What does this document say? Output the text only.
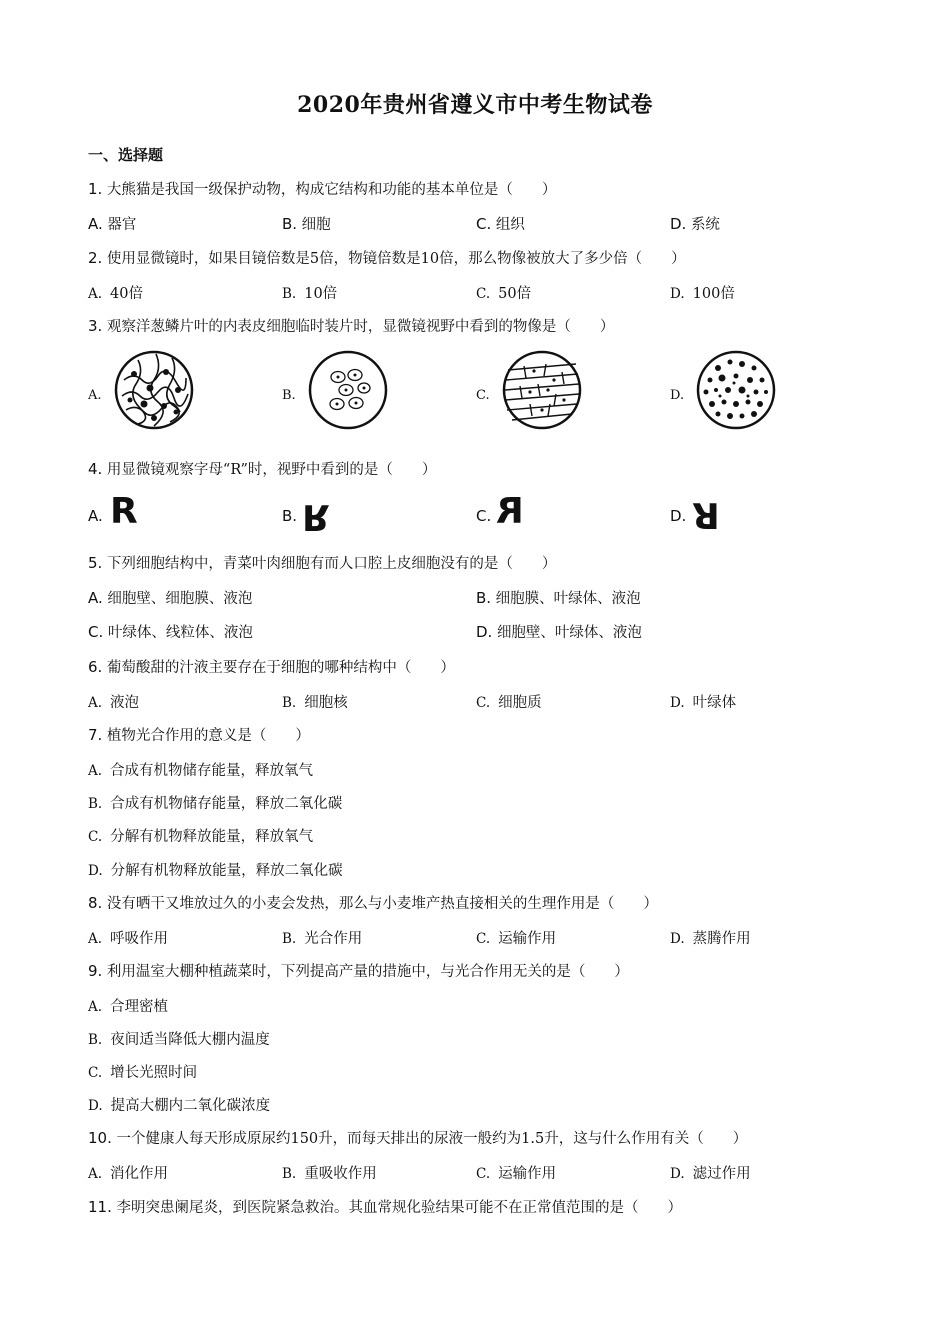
2020年贵州省遵义市中考生物试卷
一、选择题
1. 大熊猫是我国一级保护动物，构成它结构和功能的基本单位是（　　）
A. 器官	B. 细胞	C. 组织	D. 系统
2. 使用显微镜时，如果目镜倍数是5倍，物镜倍数是10倍，那么物像被放大了多少倍（　　）
A. 40倍	B. 10倍	C. 50倍	D. 100倍
3. 观察洋葱鳞片叶的内表皮细胞临时装片时，显微镜视野中看到的物像是（　　）
A.	B.	C.	D.
4. 用显微镜观察字母“R”时，视野中看到的是（　　）
A. R	B. R	C. R	D. R
5. 下列细胞结构中，青菜叶肉细胞有而人口腔上皮细胞没有的是（　　）
A. 细胞壁、细胞膜、液泡	B. 细胞膜、叶绿体、液泡
C. 叶绿体、线粒体、液泡	D. 细胞壁、叶绿体、液泡
6. 葡萄酸甜的汁液主要存在于细胞的哪种结构中（　　）
A. 液泡	B. 细胞核	C. 细胞质	D. 叶绿体
7. 植物光合作用的意义是（　　）
A. 合成有机物储存能量，释放氧气
B. 合成有机物储存能量，释放二氧化碳
C. 分解有机物释放能量，释放氧气
D. 分解有机物释放能量，释放二氧化碳
8. 没有晒干又堆放过久的小麦会发热，那么与小麦堆产热直接相关的生理作用是（　　）
A. 呼吸作用	B. 光合作用	C. 运输作用	D. 蒸腾作用
9. 利用温室大棚种植蔬菜时，下列提高产量的措施中，与光合作用无关的是（　　）
A. 合理密植
B. 夜间适当降低大棚内温度
C. 增长光照时间
D. 提高大棚内二氧化碳浓度
10. 一个健康人每天形成原尿约150升，而每天排出的尿液一般约为1.5升，这与什么作用有关（　　）
A. 消化作用	B. 重吸收作用	C. 运输作用	D. 滤过作用
11. 李明突患阑尾炎，到医院紧急救治。其血常规化验结果可能不在正常值范围的是（　　）
